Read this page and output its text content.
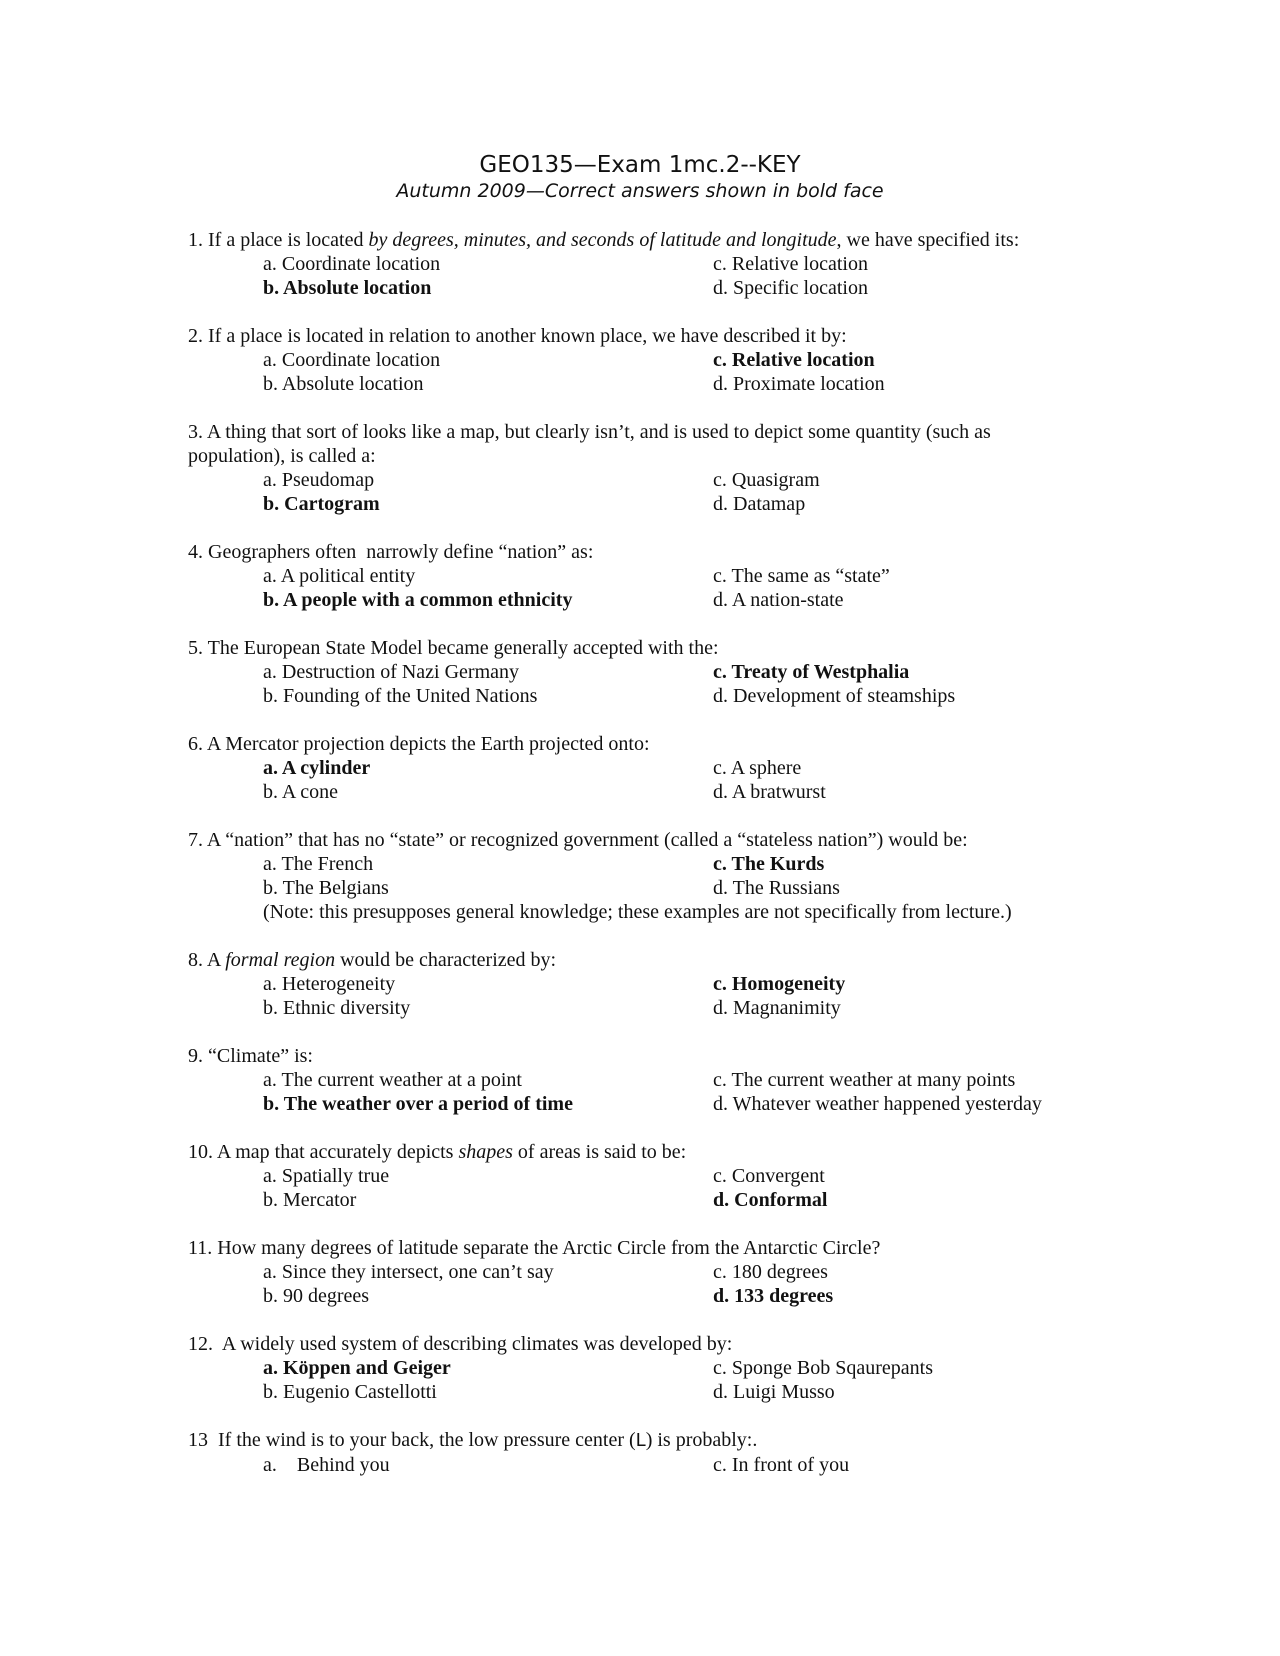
GEO135—Exam 1mc.2--KEY
Autumn 2009—Correct answers shown in bold face
1. If a place is located by degrees, minutes, and seconds of latitude and longitude, we have specified its:
a. Coordinate location	c. Relative location
b. Absolute location	d. Specific location
2. If a place is located in relation to another known place, we have described it by:
a. Coordinate location	c. Relative location
b. Absolute location	d. Proximate location
3. A thing that sort of looks like a map, but clearly isn’t, and is used to depict some quantity (such as population), is called a:
a. Pseudomap	c. Quasigram
b. Cartogram	d. Datamap
4. Geographers often  narrowly define “nation” as:
a. A political entity	c. The same as “state”
b. A people with a common ethnicity	d. A nation-state
5. The European State Model became generally accepted with the:
a. Destruction of Nazi Germany	c. Treaty of Westphalia
b. Founding of the United Nations	d. Development of steamships
6. A Mercator projection depicts the Earth projected onto:
a. A cylinder	c. A sphere
b. A cone	d. A bratwurst
7. A “nation” that has no “state” or recognized government (called a “stateless nation”) would be:
a. The French	c. The Kurds
b. The Belgians	d. The Russians
(Note: this presupposes general knowledge; these examples are not specifically from lecture.)
8. A formal region would be characterized by:
a. Heterogeneity	c. Homogeneity
b. Ethnic diversity	d. Magnanimity
9. “Climate” is:
a. The current weather at a point	c. The current weather at many points
b. The weather over a period of time	d. Whatever weather happened yesterday
10. A map that accurately depicts shapes of areas is said to be:
a. Spatially true	c. Convergent
b. Mercator	d. Conformal
11. How many degrees of latitude separate the Arctic Circle from the Antarctic Circle?
a. Since they intersect, one can’t say	c. 180 degrees
b. 90 degrees	d. 133 degrees
12.  A widely used system of describing climates was developed by:
a. Köppen and Geiger	c. Sponge Bob Sqaurepants
b. Eugenio Castellotti	d. Luigi Musso
13  If the wind is to your back, the low pressure center (L) is probably:.
a.    Behind you	c. In front of you
